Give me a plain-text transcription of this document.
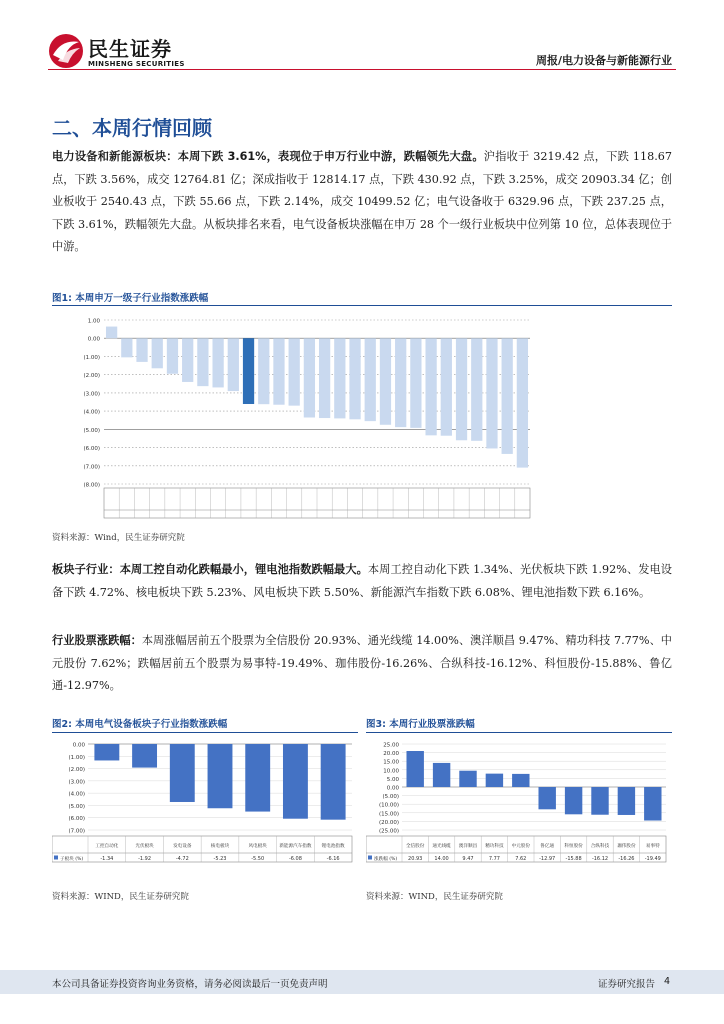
民生证券
MINSHENG SECURITIES	周报/电力设备与新能源行业
二、本周行情回顾
电力设备和新能源板块：本周下跌 3.61%，表现位于申万行业中游，跌幅领先大盘。沪指收于 3219.42 点，下跌 118.67 点，下跌 3.56%，成交 12764.81 亿；深成指收于 12814.17 点，下跌 430.92 点，下跌 3.25%，成交 20903.34 亿；创业板收于 2540.43 点，下跌 55.66 点，下跌 2.14%，成交 10499.52 亿；电气设备收于 6329.96 点，下跌 237.25 点，下跌 3.61%，跌幅领先大盘。从板块排名来看，电气设备板块涨幅在申万 28 个一级行业板块中位列第 10 位，总体表现位于中游。
图1: 本周申万一级子行业指数涨跌幅
1.00
0.00
(1.00)
(2.00)
(3.00)
(4.00)
(5.00)
(6.00)
(7.00)
(8.00)
资料来源：Wind，民生证券研究院
板块子行业：本周工控自动化跌幅最小，锂电池指数跌幅最大。本周工控自动化下跌 1.34%、光伏板块下跌 1.92%、发电设备下跌 4.72%、核电板块下跌 5.23%、风电板块下跌 5.50%、新能源汽车指数下跌 6.08%、锂电池指数下跌 6.16%。
行业股票涨跌幅：本周涨幅居前五个股票为全信股份 20.93%、通光线缆 14.00%、澳洋顺昌 9.47%、精功科技 7.77%、中元股份 7.62%；跌幅居前五个股票为易事特-19.49%、珈伟股份-16.26%、合纵科技-16.12%、科恒股份-15.88%、鲁亿通-12.97%。
图2: 本周电气设备板块子行业指数涨跌幅
0.00
(1.00)
(2.00)
(3.00)
(4.00)
(5.00)
(6.00)
(7.00)
工控自动化	光伏板块	发电设备	核电板块	风电板块	新能源汽车指数 锂电池指数
-1.34	-1.92	-4.72	-5.23	-5.50	-6.08	-6.16
子板块 (%)
资料来源：WIND，民生证券研究院
图3: 本周行业股票涨跌幅
25.00
20.00
15.00
10.00
5.00
0.00
(5.00)
(10.00)
(15.00)
(20.00)
(25.00)
全信股份 通光线缆 澳洋顺昌 精功科技 中元股份 鲁亿通 科恒股份 合纵科技 珈伟股份 易事特
20.93 14.00	9.47	7.77	7.62	-12.97 -15.88 -16.12 -16.26 -19.49
涨跌幅 (%)
资料来源：WIND，民生证券研究院
本公司具备证券投资咨询业务资格，请务必阅读最后一页免责声明	证券研究报告 4
